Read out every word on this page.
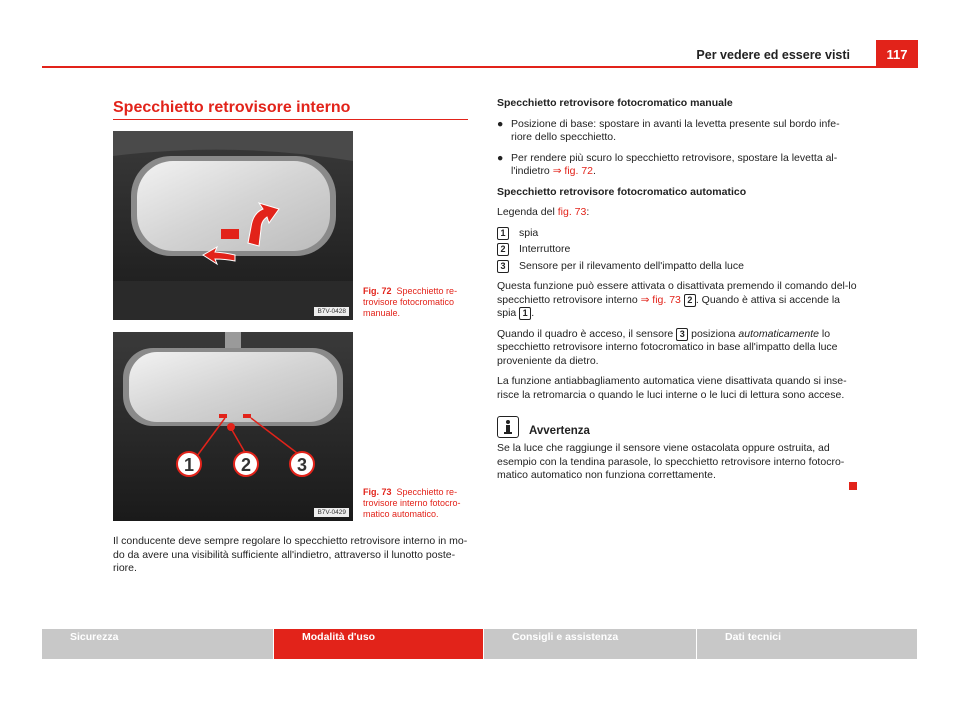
Per vedere ed essere visti	117
Specchietto retrovisore interno
B7V-0428
Fig. 72 Specchietto re-trovisore fotocromatico manuale.
1	2	3
B7V-0429
Fig. 73 Specchietto re-trovisore interno fotocro-matico automatico.
Il conducente deve sempre regolare lo specchietto retrovisore interno in mo-do da avere una visibilità sufficiente all'indietro, attraverso il lunotto poste-riore.

Specchietto retrovisore fotocromatico manuale

● Posizione di base: spostare in avanti la levetta presente sul bordo infe-riore dello specchietto.

● Per rendere più scuro lo specchietto retrovisore, spostare la levetta al-l'indietro ⇒ fig. 72.

Specchietto retrovisore fotocromatico automatico

Legenda del fig. 73:

1	spia
2	Interruttore
3	Sensore per il rilevamento dell'impatto della luce

Questa funzione può essere attivata o disattivata premendo il comando del-lo specchietto retrovisore interno ⇒ fig. 73 2 . Quando è attiva si accende la spia 1 .

Quando il quadro è acceso, il sensore 3 posiziona automaticamente lo specchietto retrovisore interno fotocromatico in base all'impatto della luce proveniente da dietro.

La funzione antiabbagliamento automatica viene disattivata quando si inse-risce la retromarcia o quando le luci interne o le luci di lettura sono accese.

Avvertenza

Se la luce che raggiunge il sensore viene ostacolata oppure ostruita, ad esempio con la tendina parasole, lo specchietto retrovisore interno fotocro-matico automatico non funziona correttamente.

Sicurezza	Modalità d'uso	Consigli e assistenza	Dati tecnici
